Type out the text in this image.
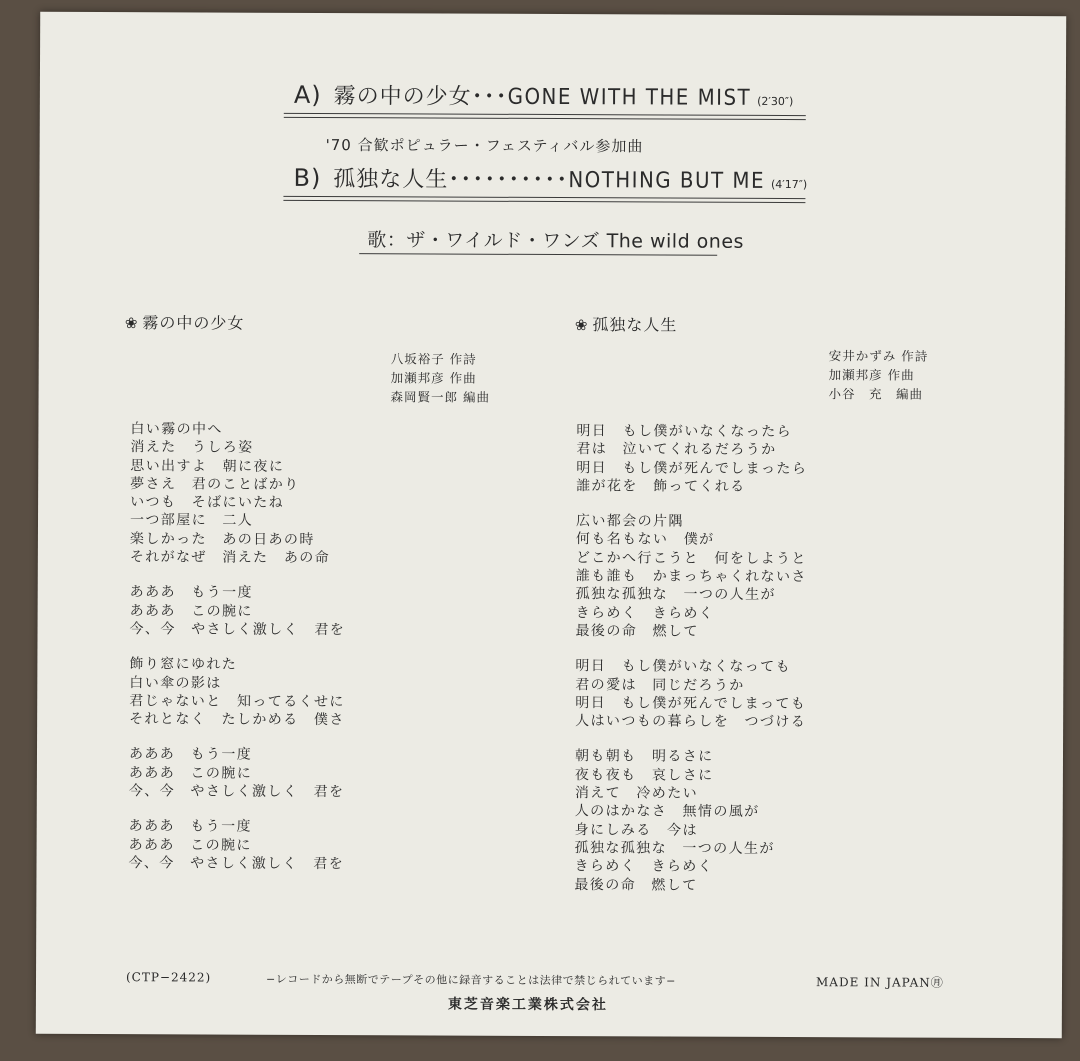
A) 霧の中の少女･･･GONE WITH THE MIST (2′30″)
'70 合歓ポピュラー・フェスティバル参加曲
B) 孤独な人生･･････････NOTHING BUT ME (4′17″)
歌：ザ・ワイルド・ワンズ The wild ones
❀ 霧の中の少女
八坂裕子 作詩
加瀬邦彦 作曲
森岡賢一郎 編曲
白い霧の中へ
消えた　うしろ姿
思い出すよ　朝に夜に
夢さえ　君のことばかり
いつも　そばにいたね
一つ部屋に　二人
楽しかった　あの日あの時
それがなぜ　消えた　あの命
あああ　もう一度
あああ　この腕に
今、今　やさしく激しく　君を
飾り窓にゆれた
白い傘の影は
君じゃないと　知ってるくせに
それとなく　たしかめる　僕さ
あああ　もう一度
あああ　この腕に
今、今　やさしく激しく　君を
あああ　もう一度
あああ　この腕に
今、今　やさしく激しく　君を
❀ 孤独な人生
安井かずみ 作詩
加瀬邦彦 作曲
小谷　充　編曲
明日　もし僕がいなくなったら
君は　泣いてくれるだろうか
明日　もし僕が死んでしまったら
誰が花を　飾ってくれる
広い都会の片隅
何も名もない　僕が
どこかへ行こうと　何をしようと
誰も誰も　かまっちゃくれないさ
孤独な孤独な　一つの人生が
きらめく　きらめく
最後の命　燃して
明日　もし僕がいなくなっても
君の愛は　同じだろうか
明日　もし僕が死んでしまっても
人はいつもの暮らしを　つづける
朝も朝も　明るさに
夜も夜も　哀しさに
消えて　冷めたい
人のはかなさ　無情の風が
身にしみる　今は
孤独な孤独な　一つの人生が
きらめく　きらめく
最後の命　燃して
(CTP−2422)	−レコードから無断でテープその他に録音することは法律で禁じられています−	MADE IN JAPAN㊊
東芝音楽工業株式会社
